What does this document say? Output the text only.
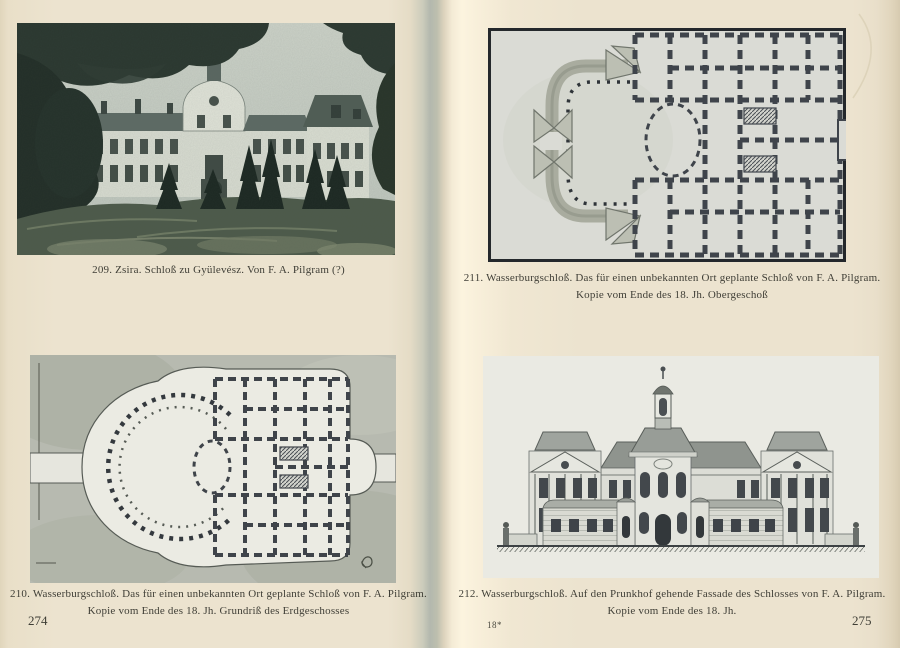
209. Zsira. Schloß zu Gyülevész. Von F. A. Pilgram (?)

210. Wasserburgschloß. Das für einen unbekannten Ort geplante Schloß von F. A. Pilgram.
Kopie vom Ende des 18. Jh. Grundriß des Erdgeschosses

274

211. Wasserburgschloß. Das für einen unbekannten Ort geplante Schloß von F. A. Pilgram.
Kopie vom Ende des 18. Jh. Obergeschoß

212. Wasserburgschloß. Auf den Prunkhof gehende Fassade des Schlosses von F. A. Pilgram.
Kopie vom Ende des 18. Jh.

18*	275
